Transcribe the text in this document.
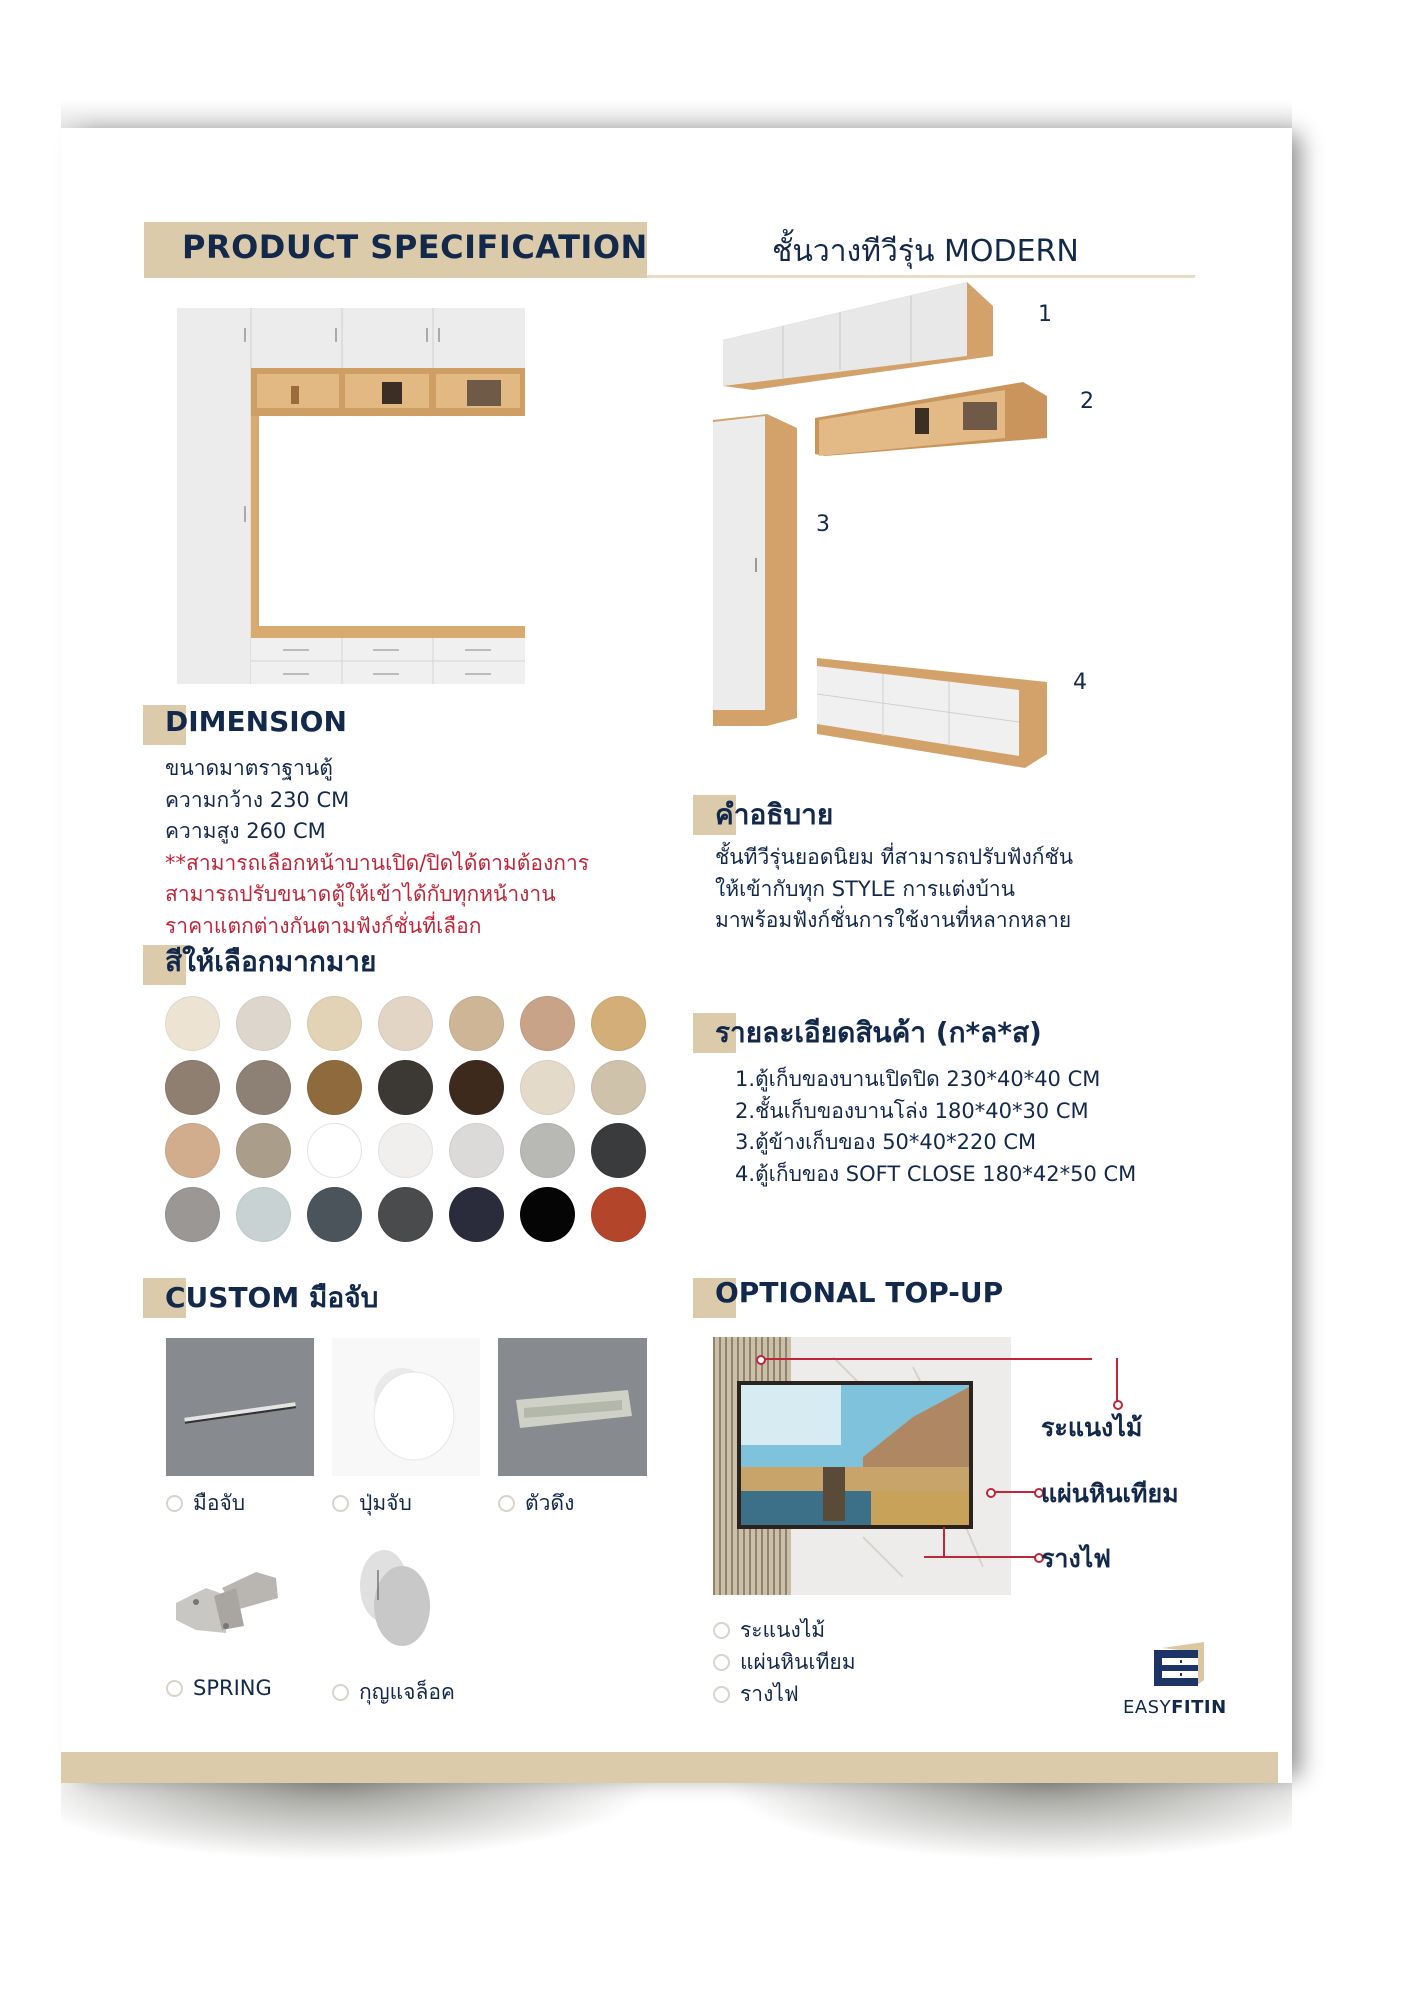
PRODUCT SPECIFICATION	ชั้นวางทีวีรุ่น MODERN
1
2
3
4
DIMENSION
ขนาดมาตราฐานตู้
ความกว้าง 230 CM
ความสูง 260 CM
**สามารถเลือกหน้าบานเปิด/ปิดได้ตามต้องการ
สามารถปรับขนาดตู้ให้เข้าได้กับทุกหน้างาน
ราคาแตกต่างกันตามฟังก์ชั่นที่เลือก
สีให้เลือกมากมาย
คำอธิบาย
ชั้นทีวีรุ่นยอดนิยม ที่สามารถปรับฟังก์ชัน
ให้เข้ากับทุก STYLE การแต่งบ้าน
มาพร้อมฟังก์ชั่นการใช้งานที่หลากหลาย
รายละเอียดสินค้า (ก*ล*ส)
1.ตู้เก็บของบานเปิดปิด 230*40*40 CM
2.ชั้นเก็บของบานโล่ง 180*40*30 CM
3.ตู้ข้างเก็บของ 50*40*220 CM
4.ตู้เก็บของ SOFT CLOSE 180*42*50 CM
CUSTOM มือจับ
มือจับ	ปุ่มจับ	ตัวดึง
SPRING	กุญแจล็อค
OPTIONAL TOP-UP
ระแนงไม้
แผ่นหินเทียม
รางไฟ
ระแนงไม้
แผ่นหินเทียม
รางไฟ
EASYFITIN
